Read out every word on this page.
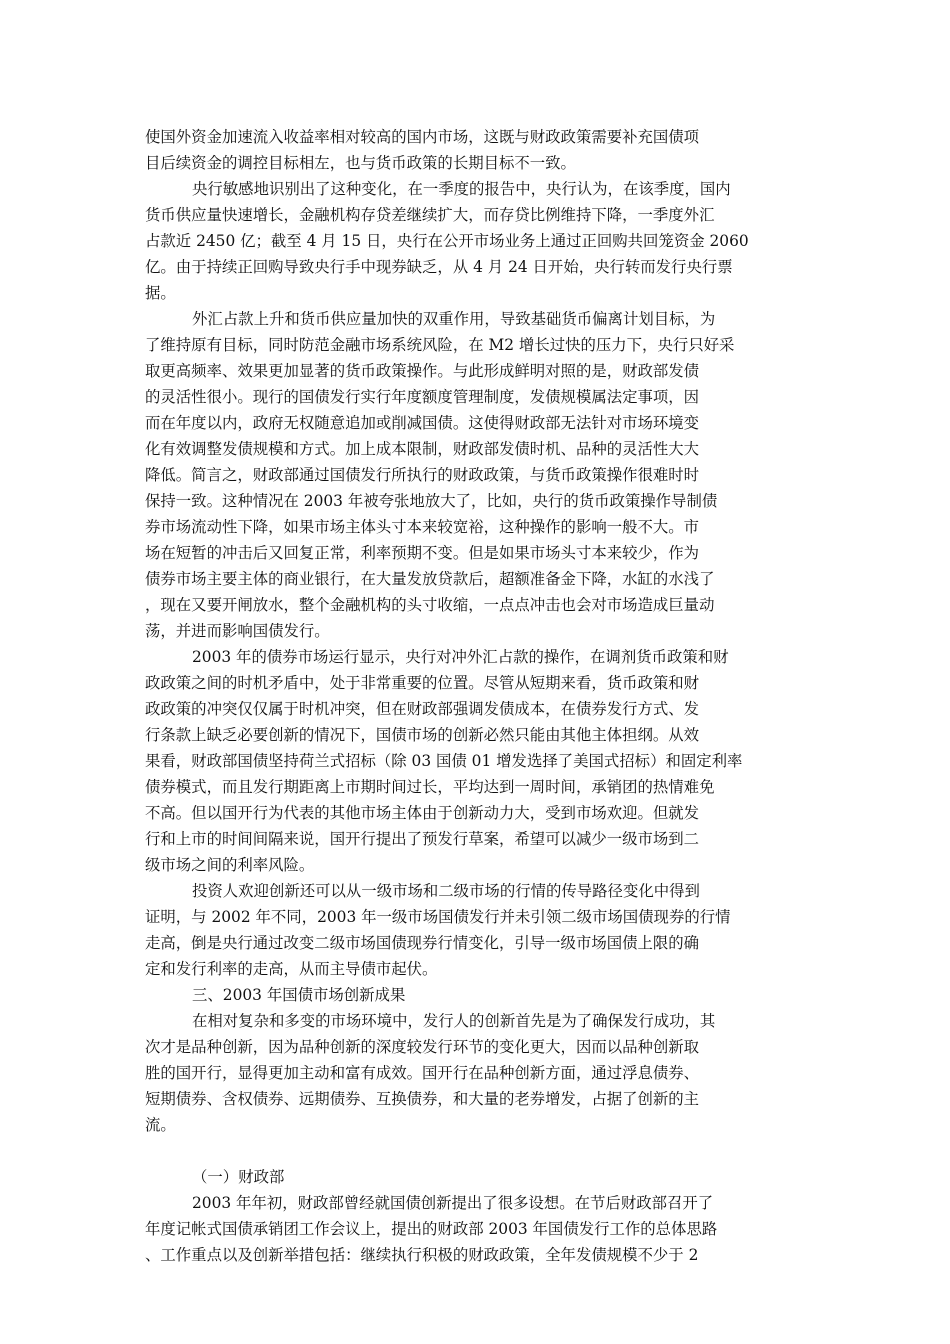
使国外资金加速流入收益率相对较高的国内市场，这既与财政政策需要补充国债项
目后续资金的调控目标相左，也与货币政策的长期目标不一致。
央行敏感地识别出了这种变化，在一季度的报告中，央行认为，在该季度，国内
货币供应量快速增长，金融机构存贷差继续扩大，而存贷比例维持下降，一季度外汇
占款近 2450 亿；截至 4 月 15 日，央行在公开市场业务上通过正回购共回笼资金 2060
亿。由于持续正回购导致央行手中现券缺乏，从 4 月 24 日开始，央行转而发行央行票
据。
外汇占款上升和货币供应量加快的双重作用，导致基础货币偏离计划目标，为
了维持原有目标，同时防范金融市场系统风险，在 M2 增长过快的压力下，央行只好采
取更高频率、效果更加显著的货币政策操作。与此形成鲜明对照的是，财政部发债
的灵活性很小。现行的国债发行实行年度额度管理制度，发债规模属法定事项，因
而在年度以内，政府无权随意追加或削减国债。这使得财政部无法针对市场环境变
化有效调整发债规模和方式。加上成本限制，财政部发债时机、品种的灵活性大大
降低。简言之，财政部通过国债发行所执行的财政政策，与货币政策操作很难时时
保持一致。这种情况在 2003 年被夸张地放大了，比如，央行的货币政策操作导制债
券市场流动性下降，如果市场主体头寸本来较宽裕，这种操作的影响一般不大。市
场在短暂的冲击后又回复正常，利率预期不变。但是如果市场头寸本来较少，作为
债券市场主要主体的商业银行，在大量发放贷款后，超额准备金下降，水缸的水浅了
，现在又要开闸放水，整个金融机构的头寸收缩，一点点冲击也会对市场造成巨量动
荡，并进而影响国债发行。
2003 年的债券市场运行显示，央行对冲外汇占款的操作，在调剂货币政策和财
政政策之间的时机矛盾中，处于非常重要的位置。尽管从短期来看，货币政策和财
政政策的冲突仅仅属于时机冲突，但在财政部强调发债成本，在债券发行方式、发
行条款上缺乏必要创新的情况下，国债市场的创新必然只能由其他主体担纲。从效
果看，财政部国债坚持荷兰式招标（除 03 国债 01 增发选择了美国式招标）和固定利率
债券模式，而且发行期距离上市期时间过长，平均达到一周时间，承销团的热情难免
不高。但以国开行为代表的其他市场主体由于创新动力大，受到市场欢迎。但就发
行和上市的时间间隔来说，国开行提出了预发行草案，希望可以减少一级市场到二
级市场之间的利率风险。
投资人欢迎创新还可以从一级市场和二级市场的行情的传导路径变化中得到
证明，与 2002 年不同，2003 年一级市场国债发行并未引领二级市场国债现券的行情
走高，倒是央行通过改变二级市场国债现券行情变化，引导一级市场国债上限的确
定和发行利率的走高，从而主导债市起伏。
三、2003 年国债市场创新成果
在相对复杂和多变的市场环境中，发行人的创新首先是为了确保发行成功，其
次才是品种创新，因为品种创新的深度较发行环节的变化更大，因而以品种创新取
胜的国开行，显得更加主动和富有成效。国开行在品种创新方面，通过浮息债券、
短期债券、含权债券、远期债券、互换债券，和大量的老券增发，占据了创新的主
流。
（一）财政部
2003 年年初，财政部曾经就国债创新提出了很多设想。在节后财政部召开了
年度记帐式国债承销团工作会议上，提出的财政部 2003 年国债发行工作的总体思路
、工作重点以及创新举措包括：继续执行积极的财政政策，全年发债规模不少于 2
